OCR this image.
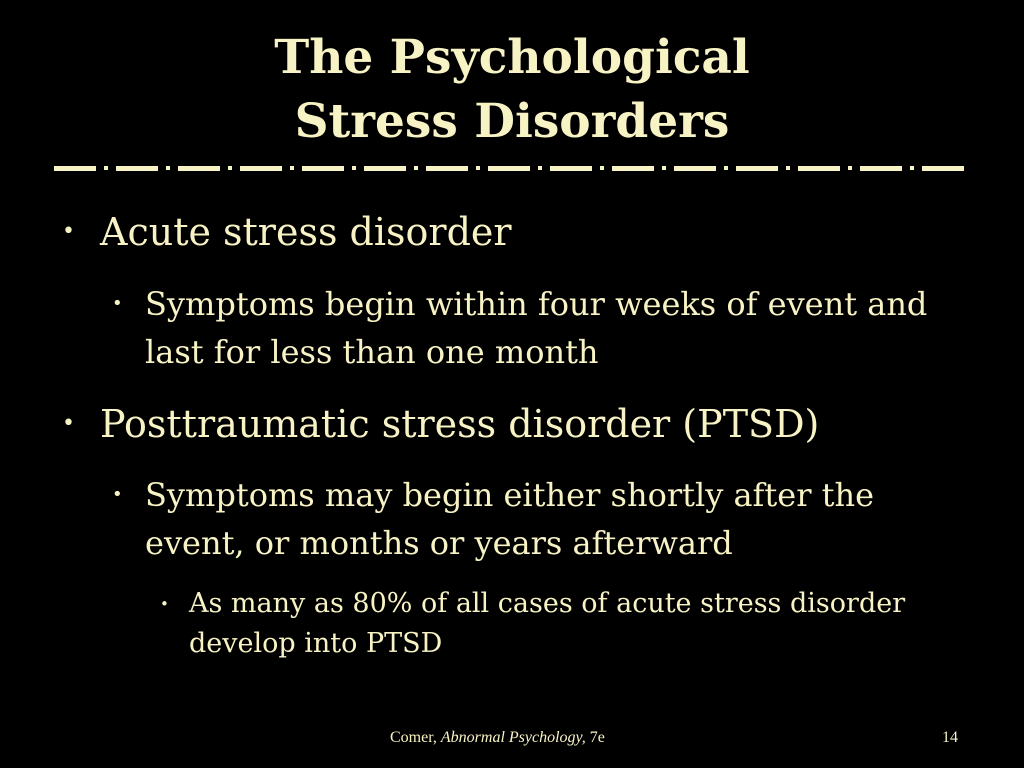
The Psychological
Stress Disorders
• Acute stress disorder
• Symptoms begin within four weeks of event and last for less than one month
• Posttraumatic stress disorder (PTSD)
• Symptoms may begin either shortly after the event, or months or years afterward
• As many as 80% of all cases of acute stress disorder develop into PTSD
Comer, Abnormal Psychology, 7e	14
